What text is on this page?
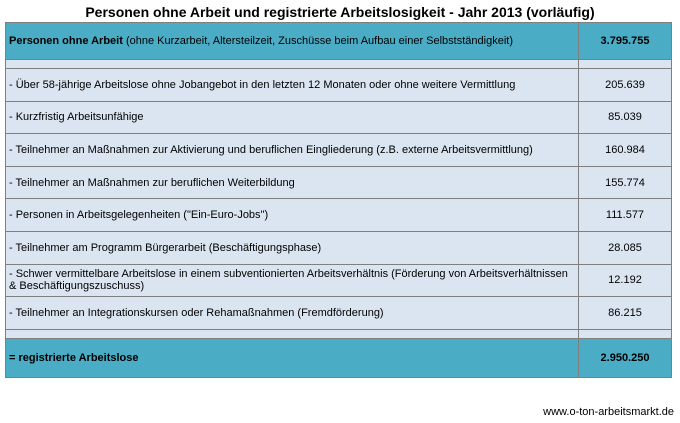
Personen ohne Arbeit und registrierte Arbeitslosigkeit - Jahr 2013 (vorläufig)
Personen ohne Arbeit (ohne Kurzarbeit, Altersteilzeit, Zuschüsse beim Aufbau einer Selbstständigkeit)	3.795.755

- Über 58-jährige Arbeitslose ohne Jobangebot in den letzten 12 Monaten oder ohne weitere Vermittlung	205.639
- Kurzfristig Arbeitsunfähige	85.039
- Teilnehmer an Maßnahmen zur Aktivierung und beruflichen Eingliederung (z.B. externe Arbeitsvermittlung)	160.984
- Teilnehmer an Maßnahmen zur beruflichen Weiterbildung	155.774
- Personen in Arbeitsgelegenheiten ("Ein-Euro-Jobs")	111.577
- Teilnehmer am Programm Bürgerarbeit (Beschäftigungsphase)	28.085
- Schwer vermittelbare Arbeitslose in einem subventionierten Arbeitsverhältnis (Förderung von Arbeitsverhältnissen & Beschäftigungszuschuss)	12.192
- Teilnehmer an Integrationskursen oder Rehamaßnahmen (Fremdförderung)	86.215

= registrierte Arbeitslose	2.950.250
www.o-ton-arbeitsmarkt.de
